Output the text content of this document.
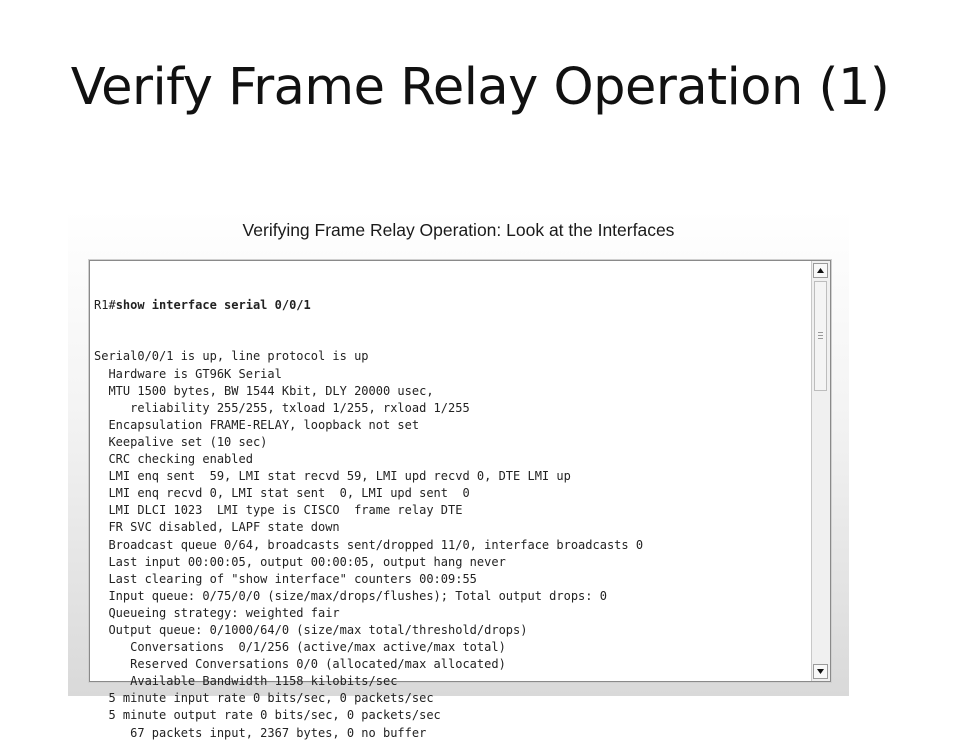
Verify Frame Relay Operation (1)
Verifying Frame Relay Operation: Look at the Interfaces

R1#show interface serial 0/0/1

Serial0/0/1 is up, line protocol is up
Hardware is GT96K Serial
MTU 1500 bytes, BW 1544 Kbit, DLY 20000 usec,
reliability 255/255, txload 1/255, rxload 1/255
Encapsulation FRAME-RELAY, loopback not set
Keepalive set (10 sec)
CRC checking enabled
LMI enq sent  59, LMI stat recvd 59, LMI upd recvd 0, DTE LMI up
LMI enq recvd 0, LMI stat sent  0, LMI upd sent  0
LMI DLCI 1023  LMI type is CISCO  frame relay DTE
FR SVC disabled, LAPF state down
Broadcast queue 0/64, broadcasts sent/dropped 11/0, interface broadcasts 0
Last input 00:00:05, output 00:00:05, output hang never
Last clearing of "show interface" counters 00:09:55
Input queue: 0/75/0/0 (size/max/drops/flushes); Total output drops: 0
Queueing strategy: weighted fair
Output queue: 0/1000/64/0 (size/max total/threshold/drops)
Conversations  0/1/256 (active/max active/max total)
Reserved Conversations 0/0 (allocated/max allocated)
Available Bandwidth 1158 kilobits/sec
5 minute input rate 0 bits/sec, 0 packets/sec
5 minute output rate 0 bits/sec, 0 packets/sec
67 packets input, 2367 bytes, 0 no buffer
